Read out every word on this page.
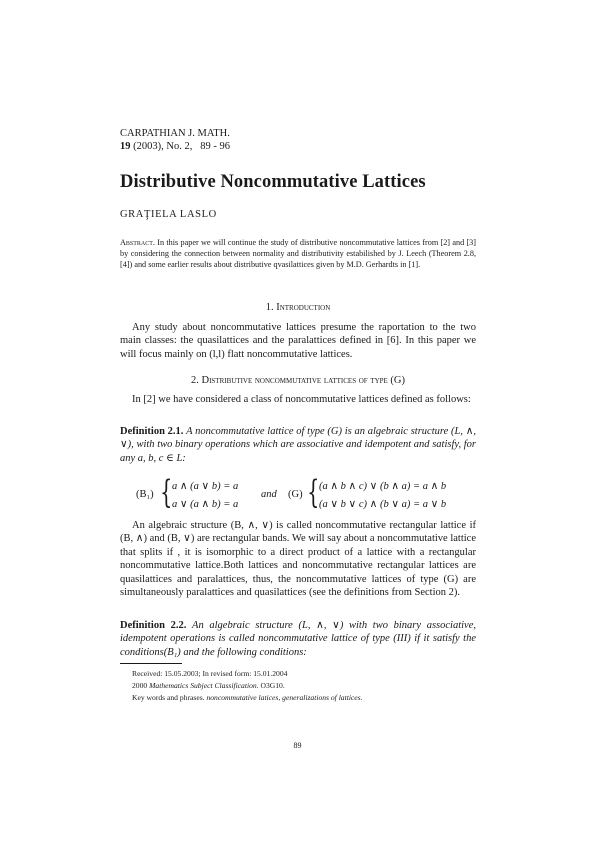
CARPATHIAN J. MATH.
19 (2003), No. 2, 89 - 96
Distributive Noncommutative Lattices
GRAŢIELA LASLO
Abstract. In this paper we will continue the study of distributive noncommutative lattices from [2] and [3] by considering the connection between normality and distributivity estabilished by J. Leech (Theorem 2.8,[4]) and some earlier results about distributive qvasilattices given by M.D. Gerhardts in [1].
1. Introduction
Any study about noncommutative lattices presume the raportation to the two main classes: the quasilattices and the paralattices defined in [6]. In this paper we will focus mainly on (l,l) flatt noncommutative lattices.
2. Distributive noncommutative lattices of type (G)
In [2] we have considered a class of noncommutative lattices defined as follows:
Definition 2.1. A noncommutative lattice of type (G) is an algebraic structure (L, ∧, ∨), with two binary operations which are associative and idempotent and satisfy, for any a, b, c ∈ L:
(B₁) { a ∧ (a ∨ b) = a
a ∨ (a ∧ b) = a
and (G) { (a ∧ b ∧ c) ∨ (b ∧ a) = a ∧ b
(a ∨ b ∨ c) ∧ (b ∨ a) = a ∨ b
An algebraic structure (B, ∧, ∨) is called noncommutative rectangular lattice if (B, ∧) and (B, ∨) are rectangular bands. We will say about a noncommutative lattice that splits if , it is isomorphic to a direct product of a lattice with a rectangular noncommutative lattice.Both lattices and noncommutative rectangular lattices are quasilattices and paralattices, thus, the noncommutative lattices of type (G) are simultaneously paralattices and quasilattices (see the definitions from Section 2).
Definition 2.2. An algebraic structure (L, ∧, ∨) with two binary associative, idempotent operations is called noncommutative lattice of type (III) if it satisfy the conditions(B₁) and the following conditions:
Received: 15.05.2003; In revised form: 15.01.2004
2000 Mathematics Subject Classification. O3G10.
Key words and phrases. noncommutative latices, generalizations of lattices.
89
